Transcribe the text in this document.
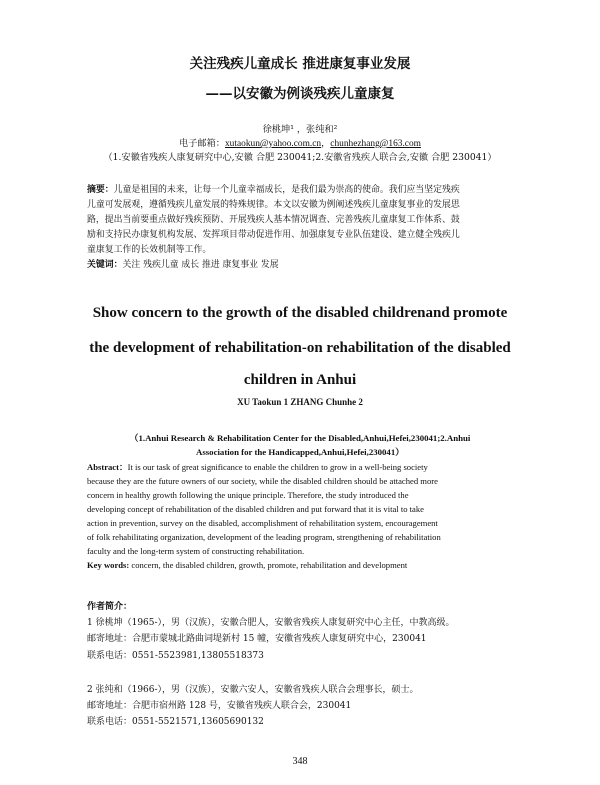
关注残疾儿童成长 推进康复事业发展
——以安徽为例谈残疾儿童康复
徐桃坤¹ ，张纯和²
电子邮箱：xutaokun@yahoo.com.cn，chunhezhang@163.com
（1.安徽省残疾人康复研究中心,安徽 合肥 230041;2.安徽省残疾人联合会,安徽 合肥 230041）
摘要：儿童是祖国的未来，让每一个儿童幸福成长，是我们最为崇高的使命。我们应当坚定残疾
儿童可发展观，遵循残疾儿童发展的特殊规律。本文以安徽为例阐述残疾儿童康复事业的发展思
路，提出当前要重点做好残疾预防、开展残疾人基本情况调查、完善残疾儿童康复工作体系、鼓
励和支持民办康复机构发展、发挥项目带动促进作用、加强康复专业队伍建设、建立健全残疾儿
童康复工作的长效机制等工作。
关键词：关注 残疾儿童 成长 推进 康复事业 发展
Show concern to the growth of the disabled childrenand promote
the development of rehabilitation-on rehabilitation of the disabled
children in Anhui
XU Taokun 1 ZHANG Chunhe 2
（1.Anhui Research & Rehabilitation Center for the Disabled,Anhui,Hefei,230041;2.Anhui
Association for the Handicapped,Anhui,Hefei,230041）
Abstract：It is our task of great significance to enable the children to grow in a well-being society
because they are the future owners of our society, while the disabled children should be attached more
concern in healthy growth following the unique principle. Therefore, the study introduced the
developing concept of rehabilitation of the disabled children and put forward that it is vital to take
action in prevention, survey on the disabled, accomplishment of rehabilitation system, encouragement
of folk rehabilitating organization, development of the leading program, strengthening of rehabilitation
faculty and the long-term system of constructing rehabilitation.
Key words: concern, the disabled children, growth, promote, rehabilitation and development
作者简介：
1 徐桃坤（1965-），男（汉族），安徽合肥人，安徽省残疾人康复研究中心主任，中教高级。
邮寄地址：合肥市蒙城北路曲词堤新村 15 幢，安徽省残疾人康复研究中心，230041
联系电话：0551-5523981,13805518373
2 张纯和（1966-），男（汉族），安徽六安人，安徽省残疾人联合会理事长，硕士。
邮寄地址：合肥市宿州路 128 号，安徽省残疾人联合会，230041
联系电话：0551-5521571,13605690132
348
